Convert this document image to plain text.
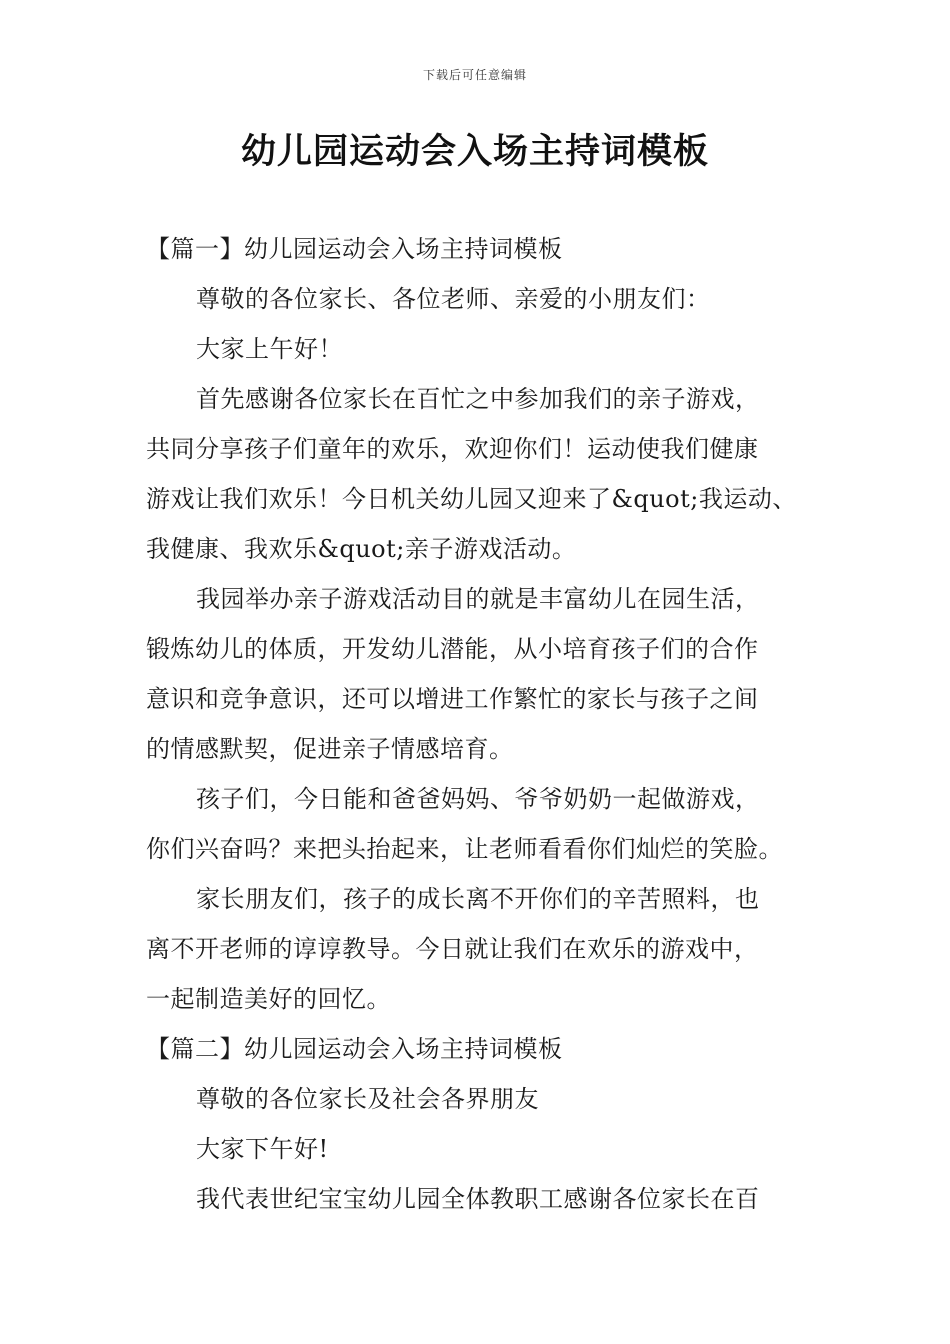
下载后可任意编辑
幼儿园运动会入场主持词模板
【篇一】幼儿园运动会入场主持词模板
尊敬的各位家长、各位老师、亲爱的小朋友们：
大家上午好！
首先感谢各位家长在百忙之中参加我们的亲子游戏，
共同分享孩子们童年的欢乐，欢迎你们！运动使我们健康
游戏让我们欢乐！今日机关幼儿园又迎来了&quot;我运动、
我健康、我欢乐&quot;亲子游戏活动。
我园举办亲子游戏活动目的就是丰富幼儿在园生活，
锻炼幼儿的体质，开发幼儿潜能，从小培育孩子们的合作
意识和竞争意识，还可以增进工作繁忙的家长与孩子之间
的情感默契，促进亲子情感培育。
孩子们，今日能和爸爸妈妈、爷爷奶奶一起做游戏，
你们兴奋吗？来把头抬起来，让老师看看你们灿烂的笑脸。
家长朋友们，孩子的成长离不开你们的辛苦照料，也
离不开老师的谆谆教导。今日就让我们在欢乐的游戏中，
一起制造美好的回忆。
【篇二】幼儿园运动会入场主持词模板
尊敬的各位家长及社会各界朋友
大家下午好!
我代表世纪宝宝幼儿园全体教职工感谢各位家长在百
